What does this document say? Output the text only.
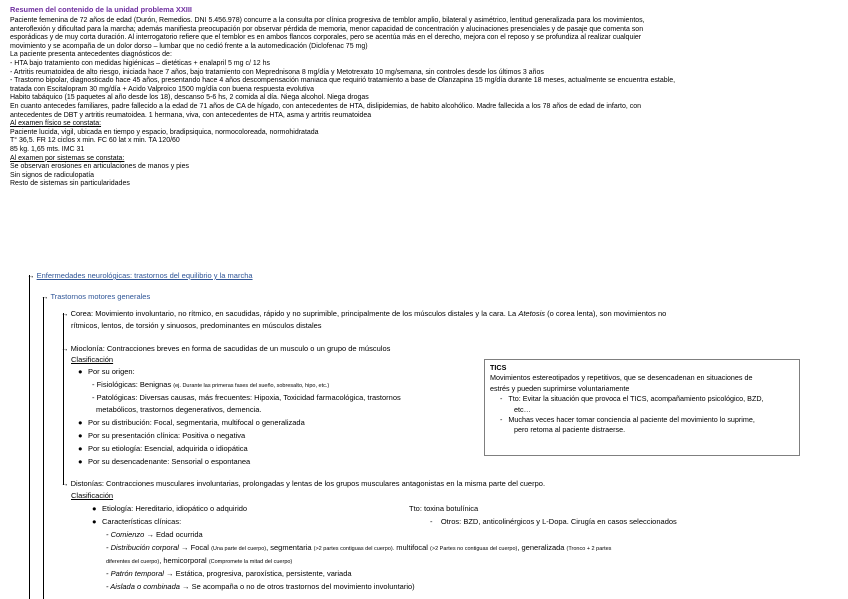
Resumen del contenido de la unidad problema XXIII
Paciente femenina de 72 años de edad (Durón, Remedios. DNI 5.456.978) concurre a la consulta por clínica progresiva de temblor amplio, bilateral y asimétrico, lentitud generalizada para los movimientos,
anteroflexión y dificultad para la marcha; además manifiesta preocupación por observar pérdida de memoria, menor capacidad de concentración y alucinaciones presenciales y de pasaje que comenta son
esporádicas y de muy corta duración. Al interrogatorio refiere que el temblor es en ambos flancos corporales, pero se acentúa más en el derecho, mejora con el reposo y se profundiza al realizar cualquier
movimiento y se acompaña de un dolor dorso – lumbar que no cedió frente a la automedicación (Diclofenac 75 mg)
La paciente presenta antecedentes diagnósticos de:
- HTA bajo tratamiento con medidas higiénicas – dietéticas + enalapril 5 mg c/ 12 hs
- Artritis reumatoidea de alto riesgo, iniciada hace 7 años, bajo tratamiento con Meprednisona 8 mg/día y Metotrexato 10 mg/semana, sin controles desde los últimos 3 años
- Trastorno bipolar, diagnosticado hace 45 años, presentando hace 4 años descompensación maniaca que requirió tratamiento a base de Olanzapina 15 mg/día durante 18 meses, actualmente se encuentra estable,
tratada con Escitalopram 30 mg/día + Acido Valproico 1500 mg/día con buena respuesta evolutiva
Habito tabáquico (15 paquetes al año desde los 18), descanso 5-6 hs, 2 comida al día. Niega alcohol. Niega drogas
En cuanto antecedes familiares, padre fallecido a la edad de 71 años de CA de hígado, con antecedentes de HTA, dislipidemias, de habito alcohólico. Madre fallecida a los 78 años de edad de infarto, con
antecedentes de DBT y artritis reumatoidea. 1 hermana, viva, con antecedentes de HTA, asma y artritis reumatoidea
Al examen físico se constata:
Paciente lucida, vigil, ubicada en tiempo y espacio, bradipsiquica, normocoloreada, normohidratada
T° 36,5. FR 12 ciclos x min. FC 60 lat x min. TA 120/60
85 kg. 1,65 mts. IMC 31
Al examen por sistemas se constata:
Se observan erosiones en articulaciones de manos y pies
Sin signos de radiculopatía
Resto de sistemas sin particularidades
→ Enfermedades neurológicas: trastornos del equilibrio y la marcha
→ Trastornos motores generales
→ Corea: Movimiento involuntario, no rítmico, en sacudidas, rápido y no suprimible, principalmente de los músculos distales y la cara. La Atetosis (o corea lenta), son movimientos no
rítmicos, lentos, de torsión y sinuosos, predominantes en músculos distales
→ Mioclonía: Contracciones breves en forma de sacudidas de un musculo o un grupo de músculos
Clasificación
● Por su origen:
- Fisiológicas: Benignas (ej. Durante las primeras fases del sueño, sobresalto, hipo, etc.)
- Patológicas: Diversas causas, más frecuentes: Hipoxia, Toxicidad farmacológica, trastornos
metabólicos, trastornos degenerativos, demencia.
● Por su distribución: Focal, segmentaria, multifocal o generalizada
● Por su presentación clínica: Positiva o negativa
● Por su etiología: Esencial, adquirida o idiopática
● Por su desencadenante: Sensorial o espontanea
→ Distonías: Contracciones musculares involuntarias, prolongadas y lentas de los grupos musculares antagonistas en la misma parte del cuerpo.
Clasificación
● Etiología: Hereditario, idiopático o adquirido	Tto: toxina botulínica
● Características clínicas:	-    Otros: BZD, anticolinérgicos y L-Dopa. Cirugía en casos seleccionados
- Comienzo → Edad ocurrida
- Distribución corporal → Focal (Una parte del cuerpo), segmentaria (>2 partes contiguas del cuerpo). multifocal (>2 Partes no contiguas del cuerpo), generalizada (Tronco + 2 partes
diferentes del cuerpo), hemicorporal (Compromete la mitad del cuerpo)
- Patrón temporal → Estática, progresiva, paroxística, persistente, variada
- Aislada o combinada → Se acompaña o no de otros trastornos del movimiento involuntario)
TICS
Movimientos estereotipados y repetitivos, que se desencadenan en situaciones de
estrés y pueden suprimirse voluntariamente
-   Tto: Evitar la situación que provoca el TICS, acompañamiento psicológico, BZD,
etc…
-   Muchas veces hacer tomar conciencia al paciente del movimiento lo suprime,
pero retoma al paciente distraerse.
